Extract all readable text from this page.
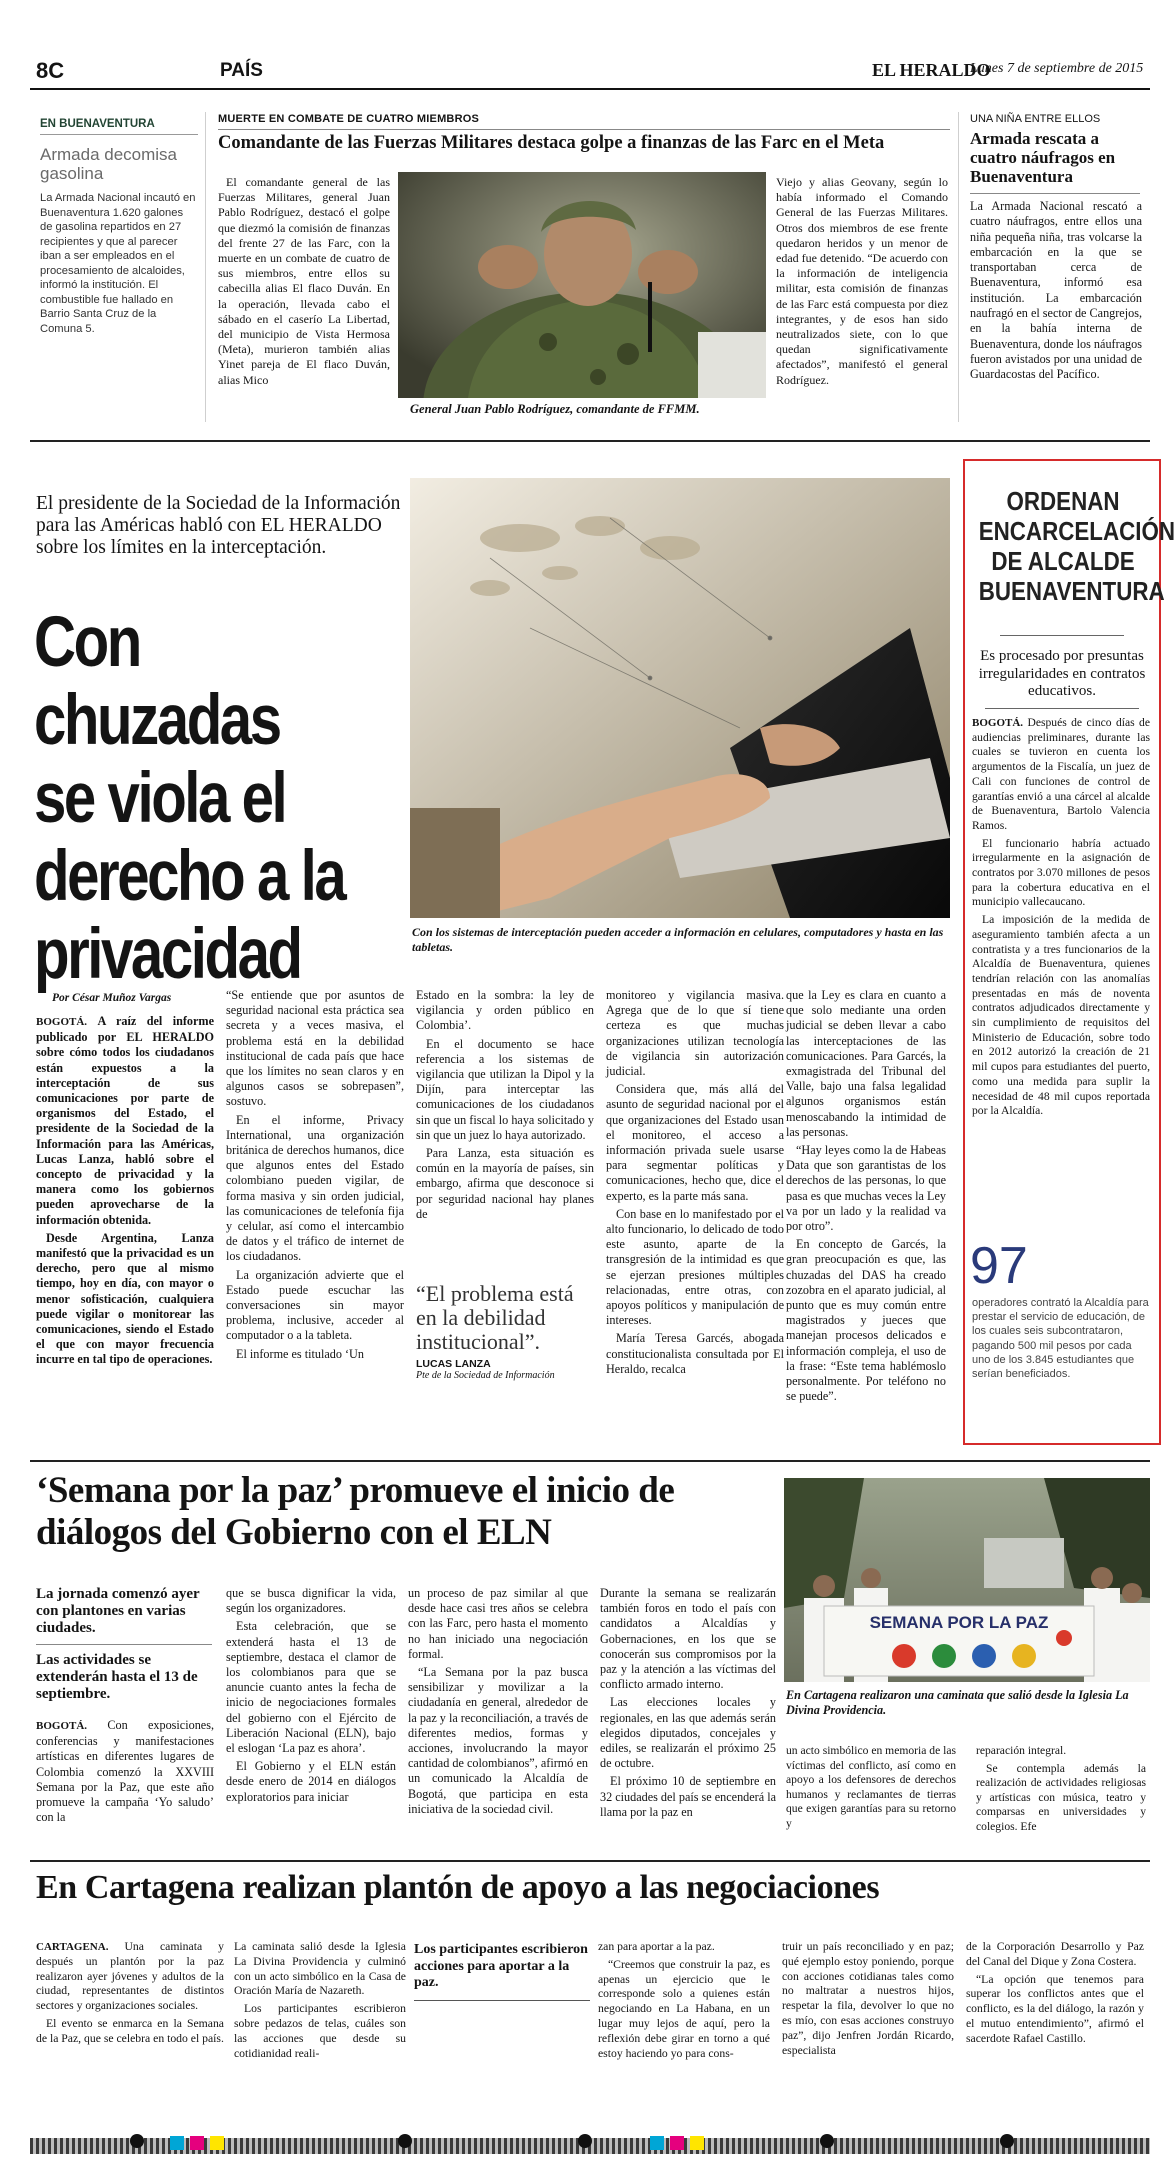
8C	PAÍS	EL HERALDO
Lunes 7 de septiembre de 2015
EN BUENAVENTURA
Armada decomisa gasolina
La Armada Nacional incautó en Buenaventura 1.620 galones de gasolina repartidos en 27 recipientes y que al parecer iban a ser empleados en el procesamiento de alcaloides, informó la institución. El combustible fue hallado en Barrio Santa Cruz de la Comuna 5.
MUERTE EN COMBATE DE CUATRO MIEMBROS
Comandante de las Fuerzas Militares destaca golpe a finanzas de las Farc en el Meta
El comandante general de las Fuerzas Militares, general Juan Pablo Rodríguez, destacó el golpe que diezmó la comisión de finanzas del frente 27 de las Farc, con la muerte en un combate de cuatro de sus miembros, entre ellos su cabecilla alias El flaco Duván. En la operación, llevada cabo el sábado en el caserío La Libertad, del municipio de Vista Hermosa (Meta), murieron también alias Yinet pareja de El flaco Duván, alias Mico
General Juan Pablo Rodríguez, comandante de FFMM.
Viejo y alias Geovany, según lo había informado el Comando General de las Fuerzas Militares. Otros dos miembros de ese frente quedaron heridos y un menor de edad fue detenido. “De acuerdo con la información de inteligencia militar, esta comisión de finanzas de las Farc está compuesta por diez integrantes, y de esos han sido neutralizados siete, con lo que quedan significativamente afectados”, manifestó el general Rodríguez.
UNA NIÑA ENTRE ELLOS
Armada rescata a cuatro náufragos en Buenaventura
La Armada Nacional rescató a cuatro náufragos, entre ellos una niña pequeña niña, tras volcarse la embarcación en la que se transportaban cerca de Buenaventura, informó esa institución. La embarcación naufragó en el sector de Cangrejos, en la bahía interna de Buenaventura, donde los náufragos fueron avistados por una unidad de Guardacostas del Pacífico.
El presidente de la Sociedad de la Información para las Américas habló con EL HERALDO sobre los límites en la interceptación.
Con chuzadas se viola el derecho a la privacidad	Con los sistemas de interceptación pueden acceder a información en celulares, computadores y hasta en las tabletas.
Por César Muñoz Vargas

BOGOTÁ. A raíz del informe publicado por EL HERALDO sobre cómo todos los ciudadanos están expuestos a la interceptación de sus comunicaciones por parte de organismos del Estado, el presidente de la Sociedad de la Información para las Américas, Lucas Lanza, habló sobre el concepto de privacidad y la manera como los gobiernos pueden aprovecharse de la información obtenida.

Desde Argentina, Lanza manifestó que la privacidad es un derecho, pero que al mismo tiempo, hoy en día, con mayor o menor sofisticación, cualquiera puede vigilar o monitorear las comunicaciones, siendo el Estado el que con mayor frecuencia incurre en tal tipo de operaciones.

“Se entiende que por asuntos de seguridad nacional esta práctica sea secreta y a veces masiva, el problema está en la debilidad institucional de cada país que hace que los límites no sean claros y en algunos casos se sobrepasen”, sostuvo.

En el informe, Privacy International, una organización británica de derechos humanos, dice que algunos entes del Estado colombiano pueden vigilar, de forma masiva y sin orden judicial, las comunicaciones de telefonía fija y celular, así como el intercambio de datos y el tráfico de internet de los ciudadanos.

La organización advierte que el Estado puede escuchar las conversaciones sin mayor problema, inclusive, acceder al computador o a la tableta.

El informe es titulado ‘Un

Estado en la sombra: la ley de vigilancia y orden público en Colombia’.

En el documento se hace referencia a los sistemas de vigilancia que utilizan la Dipol y la Dijín, para interceptar las comunicaciones de los ciudadanos sin que un fiscal lo haya solicitado y sin que un juez lo haya autorizado.

Para Lanza, esta situación es común en la mayoría de países, sin embargo, afirma que desconoce si por seguridad nacional hay planes de

“El problema está en la debilidad institucional”.
LUCAS LANZA
Pte de la Sociedad de Información

monitoreo y vigilancia masiva. Agrega que de lo que sí tiene certeza es que muchas organizaciones utilizan tecnología de vigilancia sin autorización judicial.

Considera que, más allá del asunto de seguridad nacional por el que organizaciones del Estado usan el monitoreo, el acceso a información privada suele usarse para segmentar políticas y comunicaciones, hecho que, dice el experto, es la parte más sana.

Con base en lo manifestado por el alto funcionario, lo delicado de todo este asunto, aparte de la transgresión de la intimidad es que se ejerzan presiones múltiples relacionadas, entre otras, con apoyos políticos y manipulación de intereses.

María Teresa Garcés, abogada constitucionalista consultada por El Heraldo, recalca

que la Ley es clara en cuanto a que solo mediante una orden judicial se deben llevar a cabo las interceptaciones de las comunicaciones. Para Garcés, la exmagistrada del Tribunal del Valle, bajo una falsa legalidad algunos organismos están menoscabando la intimidad de las personas.

“Hay leyes como la de Habeas Data que son garantistas de los derechos de las personas, lo que pasa es que muchas veces la Ley va por un lado y la realidad va por otro”.

En concepto de Garcés, la gran preocupación es que, las chuzadas del DAS ha creado zozobra en el aparato judicial, al punto que es muy común entre magistrados y jueces que manejan procesos delicados e información compleja, el uso de la frase: “Este tema hablémoslo personalmente. Por teléfono no se puede”.

ORDENAN ENCARCELACIÓN DE ALCALDE BUENAVENTURA
Es procesado por presuntas irregularidades en contratos educativos.

BOGOTÁ. Después de cinco días de audiencias preliminares, durante las cuales se tuvieron en cuenta los argumentos de la Fiscalía, un juez de Cali con funciones de control de garantías envió a una cárcel al alcalde de Buenaventura, Bartolo Valencia Ramos.

El funcionario habría actuado irregularmente en la asignación de contratos por 3.070 millones de pesos para la cobertura educativa en el municipio vallecaucano.

La imposición de la medida de aseguramiento también afecta a un contratista y a tres funcionarios de la Alcaldía de Buenaventura, quienes tendrían relación con las anomalías presentadas en más de noventa contratos adjudicados directamente y sin cumplimiento de requisitos del Ministerio de Educación, sobre todo en 2012 autorizó la creación de 21 mil cupos para estudiantes del puerto, como una medida para suplir la necesidad de 48 mil cupos reportada por la Alcaldía.

97
operadores contrató la Alcaldía para prestar el servicio de educación, de los cuales seis subcontrataron, pagando 500 mil pesos por cada uno de los 3.845 estudiantes que serían beneficiados.
‘Semana por la paz’ promueve el inicio de diálogos del Gobierno con el ELN
La jornada comenzó ayer con plantones en varias ciudades.
Las actividades se extenderán hasta el 13 de septiembre.

BOGOTÁ. Con exposiciones, conferencias y manifestaciones artísticas en diferentes lugares de Colombia comenzó la XXVIII Semana por la Paz, que este año promueve la campaña ‘Yo saludo’ con la

que se busca dignificar la vida, según los organizadores.

Esta celebración, que se extenderá hasta el 13 de septiembre, destaca el clamor de los colombianos para que se anuncie cuanto antes la fecha de inicio de negociaciones formales del gobierno con el Ejército de Liberación Nacional (ELN), bajo el eslogan ‘La paz es ahora’.

El Gobierno y el ELN están desde enero de 2014 en diálogos exploratorios para iniciar

un proceso de paz similar al que desde hace casi tres años se celebra con las Farc, pero hasta el momento no han iniciado una negociación formal.

“La Semana por la paz busca sensibilizar y movilizar a la ciudadanía en general, alrededor de la paz y la reconciliación, a través de diferentes medios, formas y acciones, involucrando la mayor cantidad de colombianos”, afirmó en un comunicado la Alcaldía de Bogotá, que participa en esta iniciativa de la sociedad civil.

Durante la semana se realizarán también foros en todo el país con candidatos a Alcaldías y Gobernaciones, en los que se conocerán sus compromisos por la paz y la atención a las víctimas del conflicto armado interno.

Las elecciones locales y regionales, en las que además serán elegidos diputados, concejales y ediles, se realizarán el próximo 25 de octubre.

El próximo 10 de septiembre en 32 ciudades del país se encenderá la llama por la paz en

SEMANA POR LA PAZ
En Cartagena realizaron una caminata que salió desde la Iglesia La Divina Providencia.
un acto simbólico en memoria de las víctimas del conflicto, así como en apoyo a los defensores de derechos humanos y reclamantes de tierras que exigen garantías para su retorno y

reparación integral.

Se contempla además la realización de actividades religiosas y artísticas con música, teatro y comparsas en universidades y colegios. Efe

En Cartagena realizan plantón de apoyo a las negociaciones

CARTAGENA. Una caminata y después un plantón por la paz realizaron ayer jóvenes y adultos de la ciudad, representantes de distintos sectores y organizaciones sociales.

El evento se enmarca en la Semana de la Paz, que se celebra en todo el país.

La caminata salió desde la Iglesia La Divina Providencia y culminó con un acto simbólico en la Casa de Oración María de Nazareth.

Los participantes escribieron sobre pedazos de telas, cuáles son las acciones que desde su cotidianidad reali-

Los participantes escribieron acciones para aportar a la paz.

zan para aportar a la paz.

“Creemos que construir la paz, es apenas un ejercicio que le corresponde solo a quienes están negociando en La Habana, en un lugar muy lejos de aquí, pero la reflexión debe girar en torno a qué estoy haciendo yo para cons-

truir un país reconciliado y en paz; qué ejemplo estoy poniendo, porque con acciones cotidianas tales como no maltratar a nuestros hijos, respetar la fila, devolver lo que no es mío, con esas acciones construyo paz”, dijo Jenfren Jordán Ricardo, especialista

de la Corporación Desarrollo y Paz del Canal del Dique y Zona Costera.

“La opción que tenemos para superar los conflictos antes que el conflicto, es la del diálogo, la razón y el mutuo entendimiento”, afirmó el sacerdote Rafael Castillo.
